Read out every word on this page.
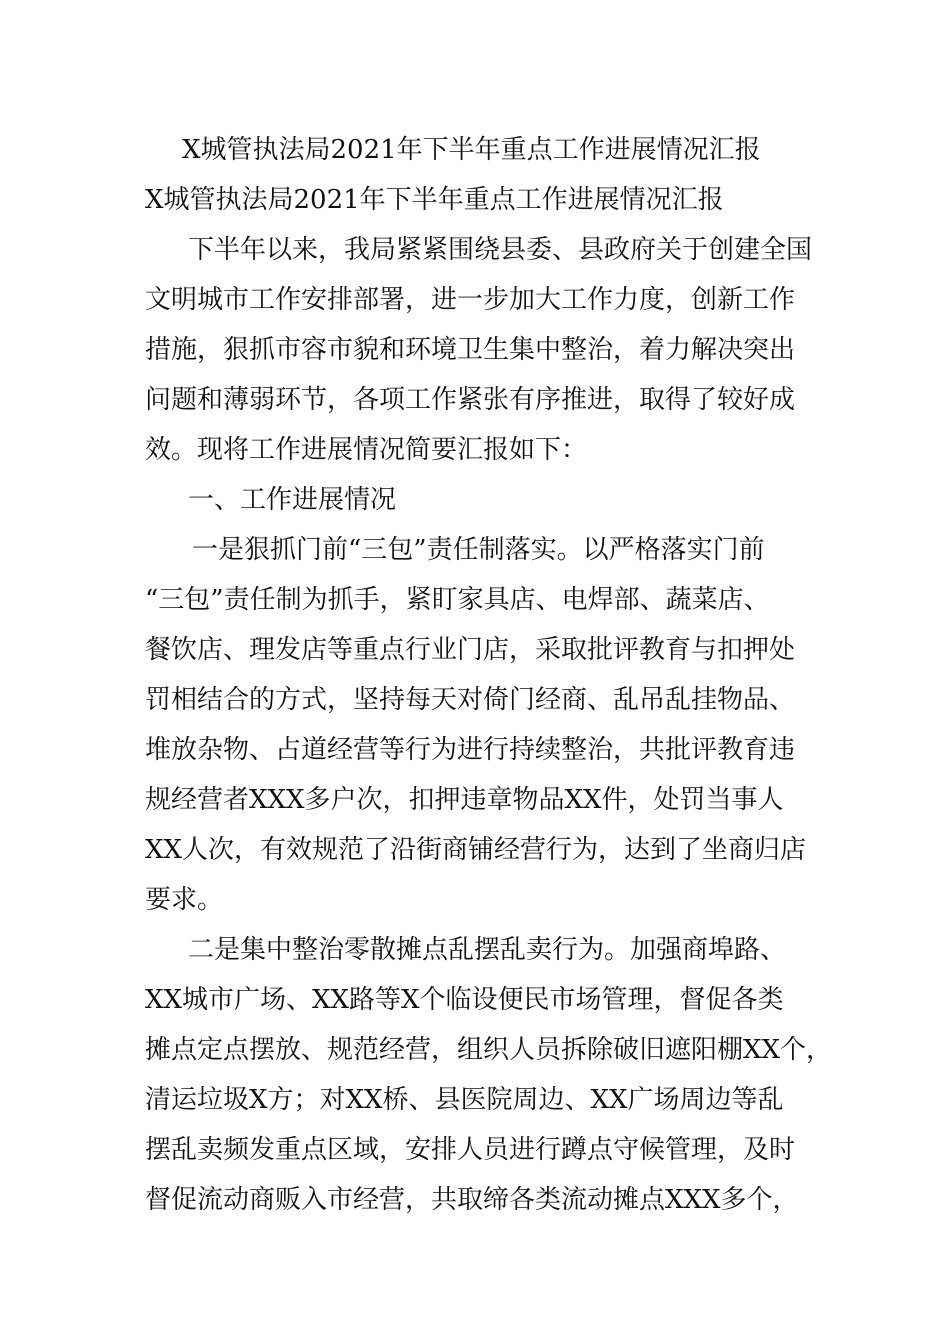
X城管执法局2021年下半年重点工作进展情况汇报
X城管执法局2021年下半年重点工作进展情况汇报
下半年以来，我局紧紧围绕县委、县政府关于创建全国
文明城市工作安排部署，进一步加大工作力度，创新工作
措施，狠抓市容市貌和环境卫生集中整治，着力解决突出
问题和薄弱环节，各项工作紧张有序推进，取得了较好成
效。现将工作进展情况简要汇报如下：
一、工作进展情况
一是狠抓门前“三包”责任制落实。以严格落实门前
“三包”责任制为抓手，紧盯家具店、电焊部、蔬菜店、
餐饮店、理发店等重点行业门店，采取批评教育与扣押处
罚相结合的方式，坚持每天对倚门经商、乱吊乱挂物品、
堆放杂物、占道经营等行为进行持续整治，共批评教育违
规经营者XXX多户次，扣押违章物品XX件，处罚当事人
XX人次，有效规范了沿街商铺经营行为，达到了坐商归店
要求。
二是集中整治零散摊点乱摆乱卖行为。加强商埠路、
XX城市广场、XX路等X个临设便民市场管理，督促各类
摊点定点摆放、规范经营，组织人员拆除破旧遮阳棚XX个，
清运垃圾X方；对XX桥、县医院周边、XX广场周边等乱
摆乱卖频发重点区域，安排人员进行蹲点守候管理，及时
督促流动商贩入市经营，共取缔各类流动摊点XXX多个，
